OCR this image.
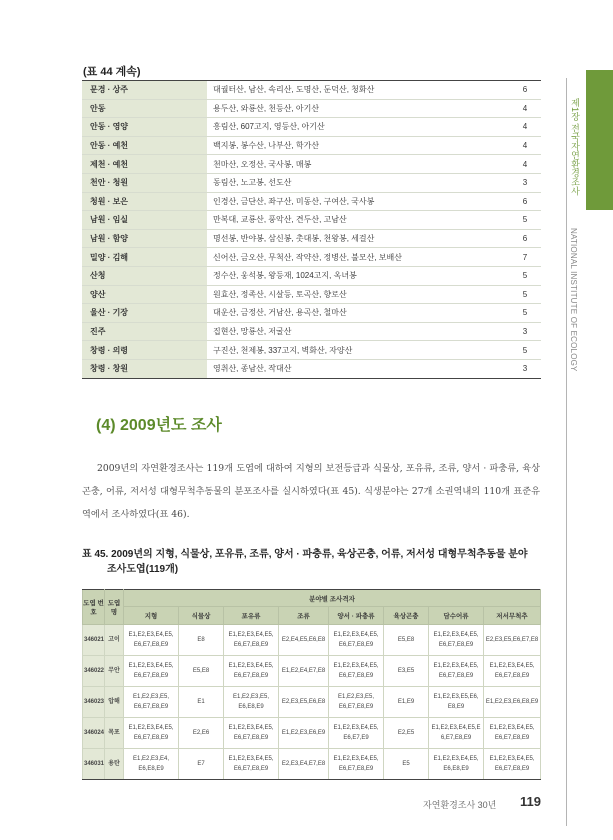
(표 44 계속)
문경 · 상주	대궐터산, 남산, 속리산, 도명산, 둔덕산, 청화산	6
안동	용두산, 와룡산, 천등산, 아기산	4
안동 · 영양	흥림산, 607고지, 영등산, 아기산	4
안동 · 예천	백지봉, 봉수산, 나부산, 학가산	4
제천 · 예천	천마산, 오정산, 국사봉, 매봉	4
천안 · 청원	동림산, 노고봉, 선도산	3
청원 · 보은	인경산, 금단산, 좌구산, 미동산, 구여산, 국사봉	6
남원 · 임실	만복대, 교룡산, 풍악산, 견두산, 고남산	5
남원 · 함양	명선봉, 반야봉, 삼신봉, 촛대봉, 천왕봉, 세걸산	6
밀양 · 김해	신어산, 금오산, 무척산, 작약산, 정병산, 불모산, 보배산	7
산청	정수산, 웅석봉, 왕등재, 1024고지, 옥녀봉	5
양산	원효산, 정족산, 시살등, 토곡산, 향로산	5
울산 · 기장	대운산, 금정산, 거남산, 용곡산, 철마산	5
진주	집현산, 망룡산, 저굴산	3
창령 · 의령	구진산, 천제봉, 337고지, 벽화산, 자양산	5
창령 · 창원	영취산, 종남산, 작대산	3
제1장 전국자연환경조사
NATIONAL INSTITUTE OF ECOLOGY
(4) 2009년도 조사

2009년의 자연환경조사는 119개 도엽에 대하여 지형의 보전등급과 식물상, 포유류, 조류, 양서 · 파충류, 육상곤충, 어류, 저서성 대형무척추동물의 분포조사를 실시하였다(표 45). 식생분야는 27개 소권역내의 110개 표준유역에서 조사하였다(표 46).

표 45. 2009년의 지형, 식물상, 포유류, 조류, 양서 · 파충류, 육상곤충, 어류, 저서성 대형무척추동물 분야
조사도엽(119개)
도엽 번호	도엽명	분야별 조사격자							
		지형	식물상	포유류	조류	양서 · 파충류	육상곤충	담수어류	저서무척추
346021	고이	E1,E2,E3,E4,E5, E6,E7,E8,E9	E8	E1,E2,E3,E4,E5, E6,E7,E8,E9	E2,E4,E5,E6,E8	E1,E2,E3,E4,E5, E6,E7,E8,E9	E5,E8	E1,E2,E3,E4,E5, E6,E7,E8,E9	E2,E3,E5,E6,E7,E8
346022	무안	E1,E2,E3,E4,E5, E6,E7,E8,E9	E5,E8	E1,E2,E3,E4,E5, E6,E7,E8,E9	E1,E2,E4,E7,E8	E1,E2,E3,E4,E5, E6,E7,E8,E9	E3,E5	E1,E2,E3,E4,E5, E6,E7,E8,E9	E1,E2,E3,E4,E5, E6,E7,E8,E9
346023	압해	E1,E2,E3,E5, E6,E7,E8,E9	E1	E1,E2,E3,E5, E6,E8,E9	E2,E3,E5,E6,E8	E1,E2,E3,E5, E6,E7,E8,E9	E1,E9	E1,E2,E3,E5,E6, E8,E9	E1,E2,E3,E6,E8,E9
346024	목포	E1,E2,E3,E4,E5, E6,E7,E8,E9	E2,E6	E1,E2,E3,E4,E5, E6,E7,E8,E9	E1,E2,E3,E6,E9	E1,E2,E3,E4,E5, E6,E7,E9	E2,E5	E1,E2,E3,E4,E5,E 6,E7,E8,E9	E1,E2,E3,E4,E5, E6,E7,E8,E9
346031	용탄	E1,E2,E3,E4, E6,E8,E9	E7	E1,E2,E3,E4,E5, E6,E7,E8,E9	E2,E3,E4,E7,E8	E1,E2,E3,E4,E5, E6,E7,E8,E9	E5	E1,E2,E3,E4,E5, E6,E8,E9	E1,E2,E3,E4,E5, E6,E7,E8,E9
자연환경조사 30년 119
